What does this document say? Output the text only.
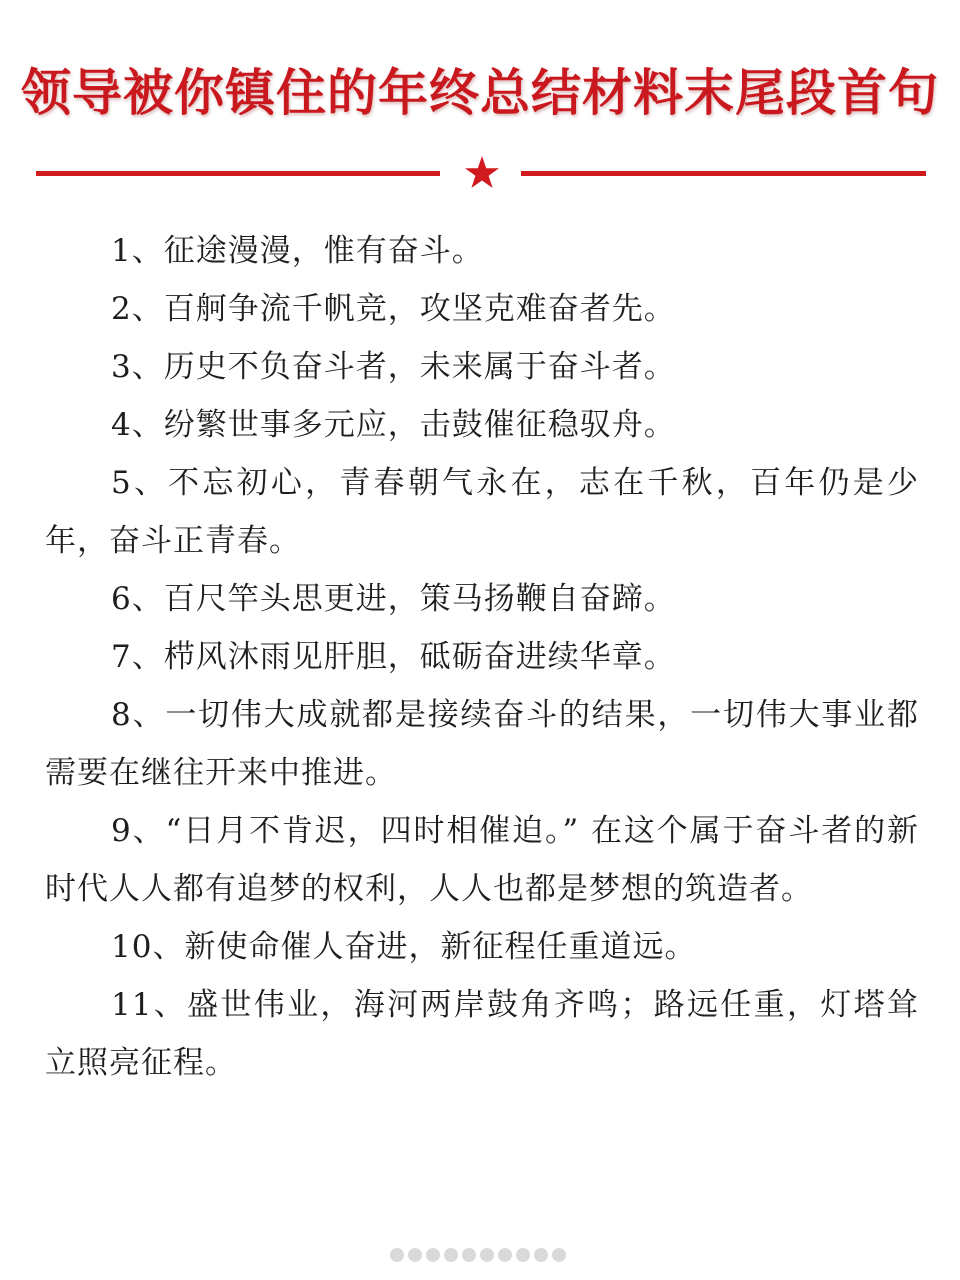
领导被你镇住的年终总结材料末尾段首句

1、征途漫漫，惟有奋斗。

2、百舸争流千帆竞，攻坚克难奋者先。

3、历史不负奋斗者，未来属于奋斗者。

4、纷繁世事多元应，击鼓催征稳驭舟。

5、不忘初心，青春朝气永在，志在千秋，百年仍是少年，奋斗正青春。

6、百尺竿头思更进，策马扬鞭自奋蹄。

7、栉风沐雨见肝胆，砥砺奋进续华章。

8、一切伟大成就都是接续奋斗的结果，一切伟大事业都需要在继往开来中推进。

9、“日月不肯迟，四时相催迫。” 在这个属于奋斗者的新时代人人都有追梦的权利，人人也都是梦想的筑造者。

10、新使命催人奋进，新征程任重道远。

11、盛世伟业，海河两岸鼓角齐鸣；路远任重，灯塔耸立照亮征程。
